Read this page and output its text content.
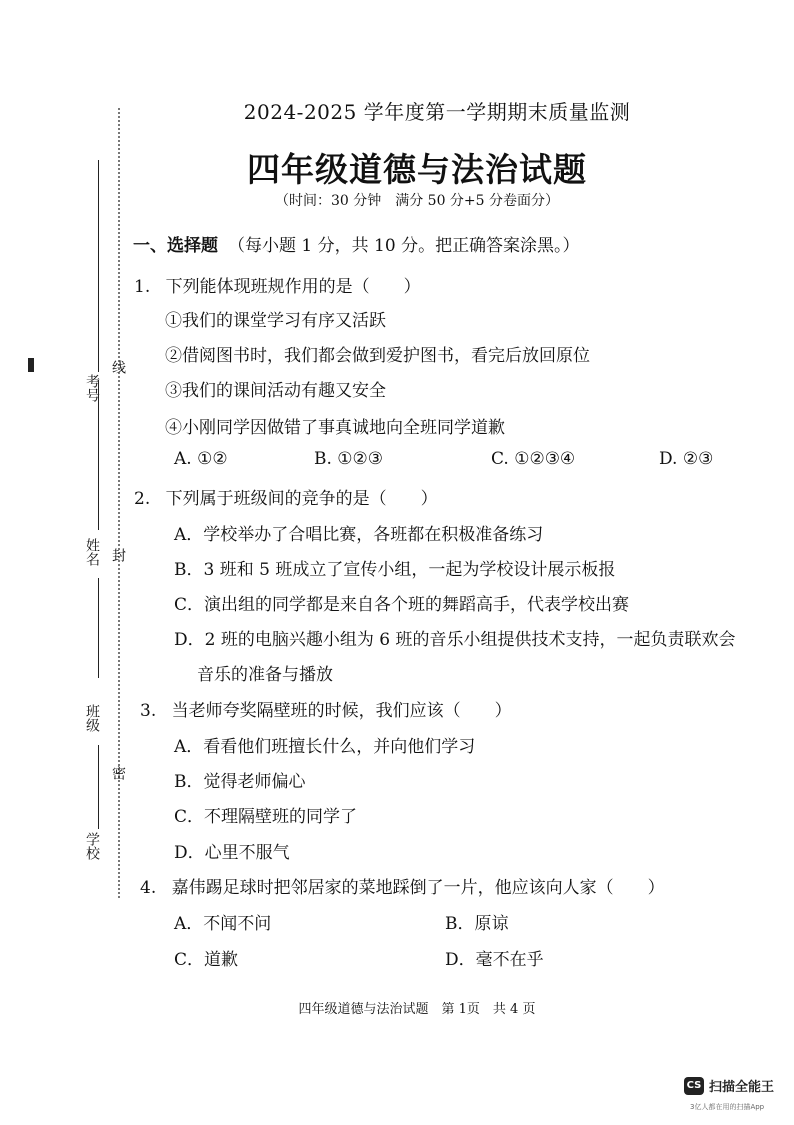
2024-2025 学年度第一学期期末质量监测
四年级道德与法治试题
（时间：30 分钟　满分 50 分+5 分卷面分）
考号
线
姓名 封
班级
密
学校
一、选择题 （每小题 1 分，共 10 分。把正确答案涂黑。）
1. 下列能体现班规作用的是（　　）
①我们的课堂学习有序又活跃
②借阅图书时，我们都会做到爱护图书，看完后放回原位
③我们的课间活动有趣又安全
④小刚同学因做错了事真诚地向全班同学道歉
A. ①②	B. ①②③	C. ①②③④	D. ②③
2. 下列属于班级间的竞争的是（　　）
A．学校举办了合唱比赛，各班都在积极准备练习
B．3 班和 5 班成立了宣传小组，一起为学校设计展示板报
C．演出组的同学都是来自各个班的舞蹈高手，代表学校出赛
D．2 班的电脑兴趣小组为 6 班的音乐小组提供技术支持，一起负责联欢会
音乐的准备与播放
3. 当老师夸奖隔壁班的时候，我们应该（　　）
A．看看他们班擅长什么，并向他们学习
B．觉得老师偏心
C．不理隔壁班的同学了
D．心里不服气
4. 嘉伟踢足球时把邻居家的菜地踩倒了一片，他应该向人家（　　）
A．不闻不问	B．原谅
C．道歉	D．毫不在乎
四年级道德与法治试题　第 1页　共 4 页
CS 扫描全能王
3亿人都在用的扫描App
